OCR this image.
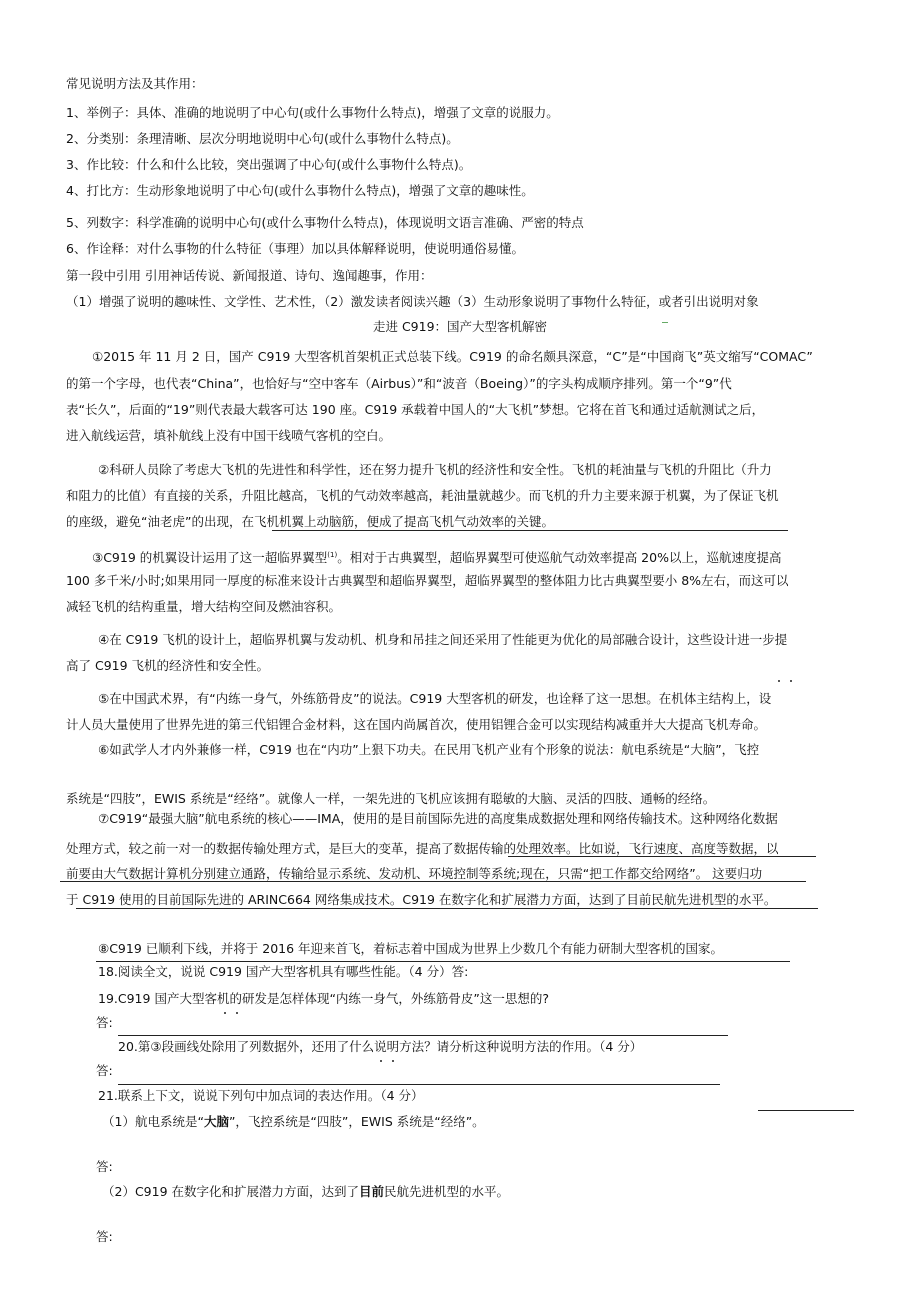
常见说明方法及其作用：
1、举例子：具体、准确的地说明了中心句(或什么事物什么特点)，增强了文章的说服力。
2、分类别：条理清晰、层次分明地说明中心句(或什么事物什么特点)。
3、作比较：什么和什么比较，突出强调了中心句(或什么事物什么特点)。
4、打比方：生动形象地说明了中心句(或什么事物什么特点)，增强了文章的趣味性。
5、列数字：科学准确的说明中心句(或什么事物什么特点)，体现说明文语言准确、严密的特点
6、作诠释：对什么事物的什么特征（事理）加以具体解释说明，使说明通俗易懂。
第一段中引用 引用神话传说、新闻报道、诗句、逸闻趣事，作用：
（1）增强了说明的趣味性、文学性、艺术性，（2）激发读者阅读兴趣（3）生动形象说明了事物什么特征，或者引出说明对象
走进 C919：国产大型客机解密
①2015 年 11 月 2 日，国产 C919 大型客机首架机正式总装下线。C919 的命名颇具深意，“C”是“中国商飞”英文缩写“COMAC”
的第一个字母，也代表“China”，也恰好与“空中客车（Airbus）”和“波音（Boeing）”的字头构成顺序排列。第一个“9”代
表“长久”，后面的“19”则代表最大载客可达 190 座。C919 承载着中国人的“大飞机”梦想。它将在首飞和通过适航测试之后，
进入航线运营，填补航线上没有中国干线喷气客机的空白。
②科研人员除了考虑大飞机的先进性和科学性，还在努力提升飞机的经济性和安全性。飞机的耗油量与飞机的升阻比（升力
和阻力的比值）有直接的关系，升阻比越高，飞机的气动效率越高，耗油量就越少。而飞机的升力主要来源于机翼，为了保证飞机
的座级，避免“油老虎”的出现，在飞机机翼上动脑筋，便成了提高飞机气动效率的关键。
③C919 的机翼设计运用了这一超临界翼型$^{(1)}$。相对于古典翼型，超临界翼型可使巡航气动效率提高 20%以上，巡航速度提高
100 多千米/小时;如果用同一厚度的标准来设计古典翼型和超临界翼型，超临界翼型的整体阻力比古典翼型要小 8%左右，而这可以
减轻飞机的结构重量，增大结构空间及燃油容积。
④在 C919 飞机的设计上，超临界机翼与发动机、机身和吊挂之间还采用了性能更为优化的局部融合设计，这些设计进一步提
高了 C919 飞机的经济性和安全性。
⑤在中国武术界，有“内练一身气，外练筋骨皮”的说法。C919 大型客机的研发，也诠释了这一思想。在机体主结构上，设
计人员大量使用了世界先进的第三代铝锂合金材料，这在国内尚属首次，使用铝锂合金可以实现结构减重并大大提高飞机寿命。
⑥如武学人才内外兼修一样，C919 也在“内功”上狠下功夫。在民用飞机产业有个形象的说法：航电系统是“大脑”，飞控
系统是“四肢”，EWIS 系统是“经络”。就像人一样，一架先进的飞机应该拥有聪敏的大脑、灵活的四肢、通畅的经络。
⑦C919“最强大脑”航电系统的核心——IMA，使用的是目前国际先进的高度集成数据处理和网络传输技术。这种网络化数据
处理方式，较之前一对一的数据传输处理方式，是巨大的变革，提高了数据传输的处理效率。比如说，飞行速度、高度等数据，以
前要由大气数据计算机分别建立通路，传输给显示系统、发动机、环境控制等系统;现在，只需“把工作都交给网络”。 这要归功
于 C919 使用的目前国际先进的 ARINC664 网络集成技术。C919 在数字化和扩展潜力方面，达到了目前民航先进机型的水平。
⑧C919 已顺利下线，并将于 2016 年迎来首飞，着标志着中国成为世界上少数几个有能力研制大型客机的国家。
18.阅读全文，说说 C919 国产大型客机具有哪些性能。（4 分）答:
19.C919 国产大型客机的研发是怎样体现“内练一身气，外练筋骨皮”这一思想的?
答:
20.第③段画线处除用了列数据外，还用了什么说明方法？请分析这种说明方法的作用。（4 分）
答:
21.联系上下文，说说下列句中加点词的表达作用。（4 分）
（1）航电系统是“大脑”，飞控系统是“四肢”，EWIS 系统是“经络”。
答:
（2）C919 在数字化和扩展潜力方面，达到了目前民航先进机型的水平。
答:
